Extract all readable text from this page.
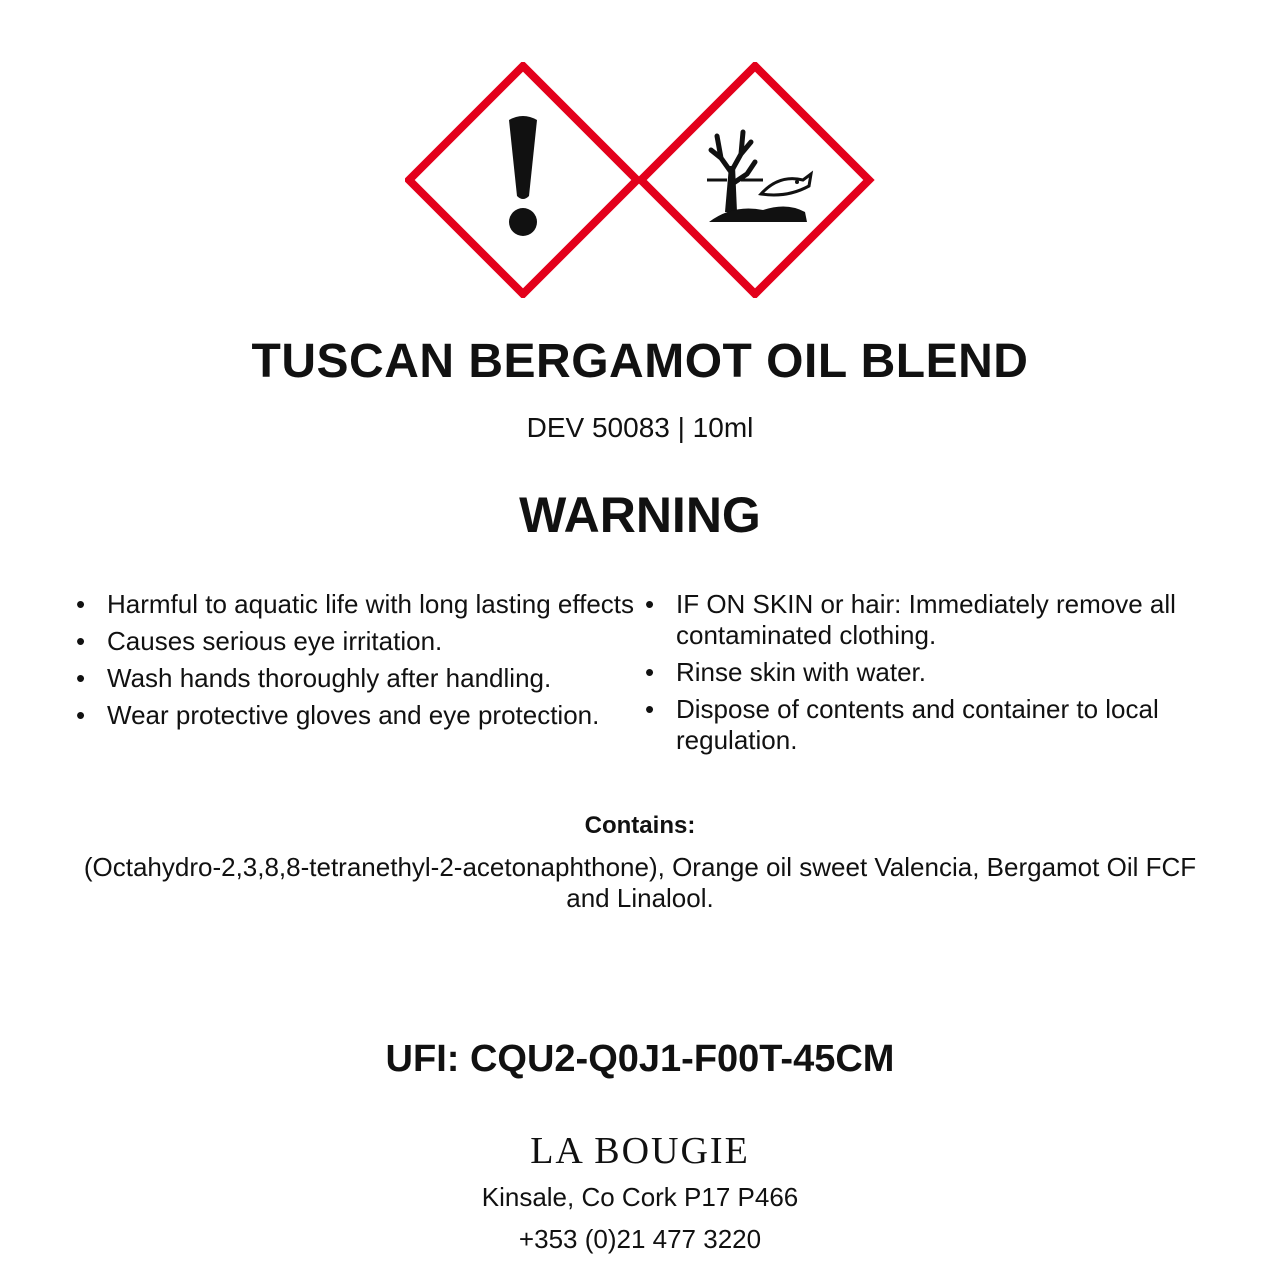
TUSCAN BERGAMOT OIL BLEND
DEV 50083 | 10ml
WARNING
• Harmful to aquatic life with long lasting effects
• Causes serious eye irritation.
• Wash hands thoroughly after handling.
• Wear protective gloves and eye protection.
• IF ON SKIN or hair: Immediately remove all contaminated clothing.
• Rinse skin with water.
• Dispose of contents and container to local regulation.
Contains:
(Octahydro-2,3,8,8-tetranethyl-2-acetonaphthone), Orange oil sweet Valencia, Bergamot Oil FCF and Linalool.
UFI: CQU2-Q0J1-F00T-45CM
LA BOUGIE
Kinsale, Co Cork P17 P466
+353 (0)21 477 3220
